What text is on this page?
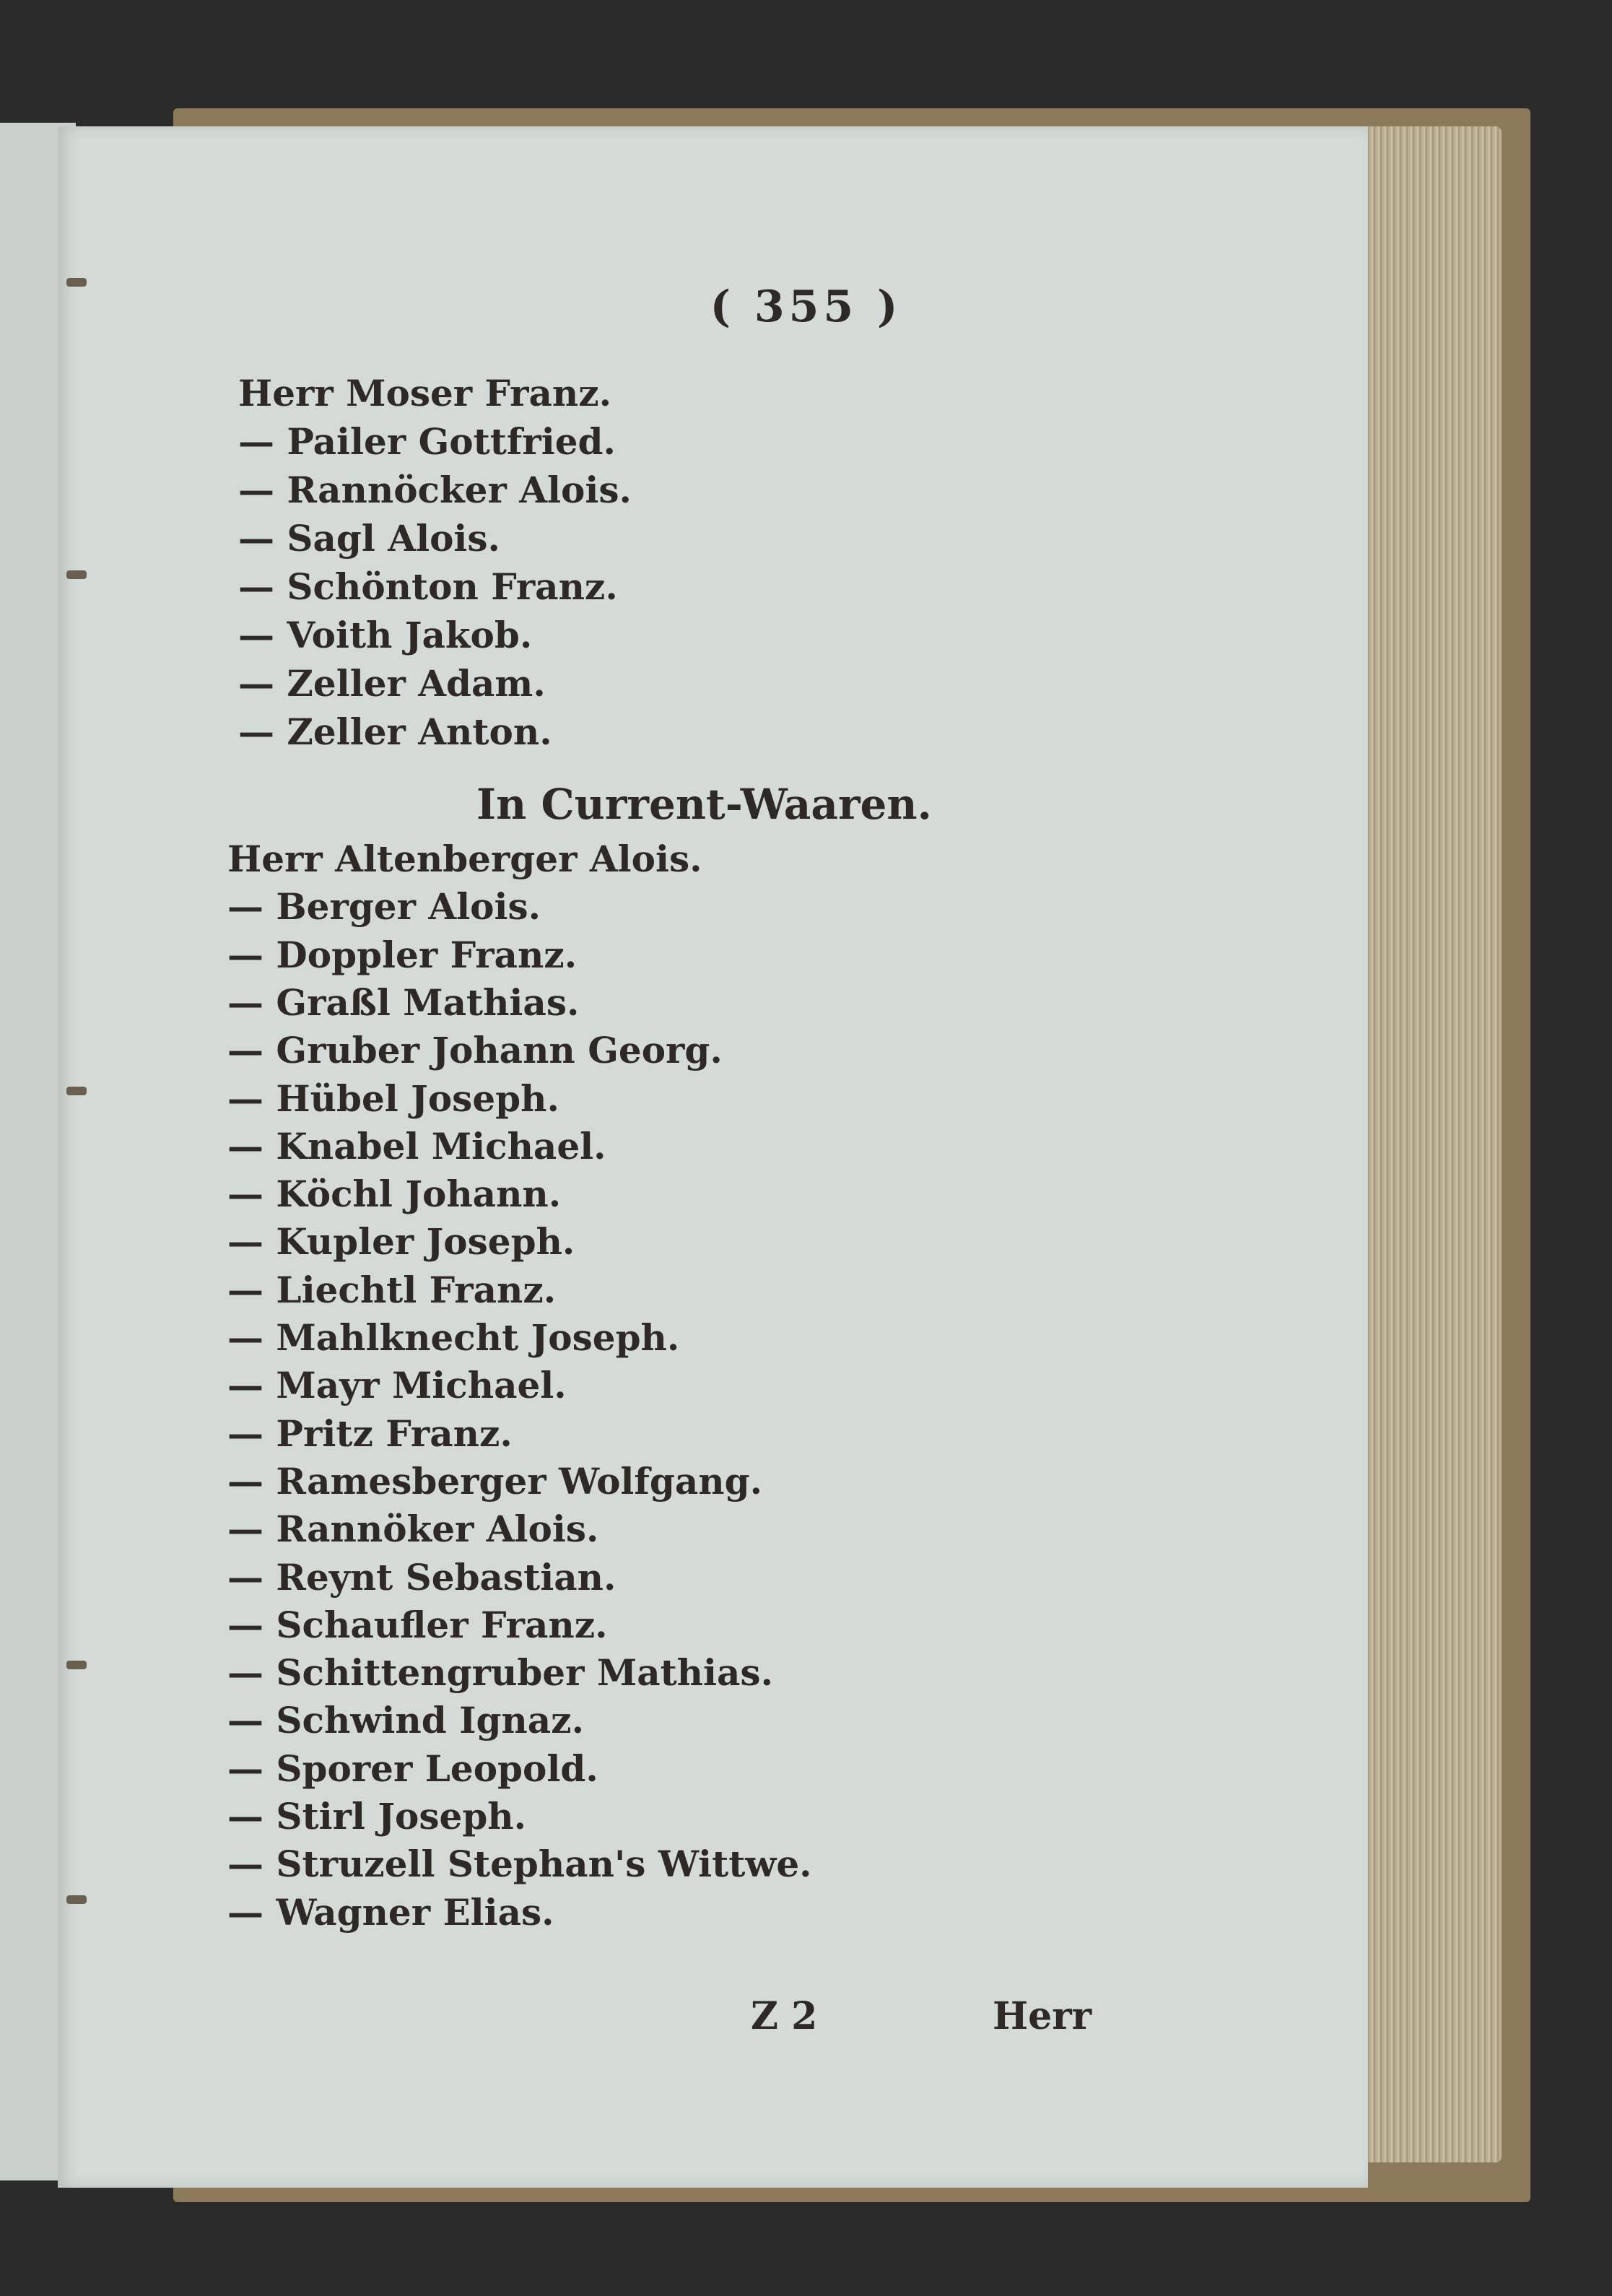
( 355 )
Herr Moser Franz.
— Pailer Gottfried.
— Rannöcker Alois.
— Sagl Alois.
— Schönton Franz.
— Voith Jakob.
— Zeller Adam.
— Zeller Anton.
In Current-Waaren.
Herr Altenberger Alois.
— Berger Alois.
— Doppler Franz.
— Graßl Mathias.
— Gruber Johann Georg.
— Hübel Joseph.
— Knabel Michael.
— Köchl Johann.
— Kupler Joseph.
— Liechtl Franz.
— Mahlknecht Joseph.
— Mayr Michael.
— Pritz Franz.
— Ramesberger Wolfgang.
— Rannöker Alois.
— Reynt Sebastian.
— Schaufler Franz.
— Schittengruber Mathias.
— Schwind Ignaz.
— Sporer Leopold.
— Stirl Joseph.
— Struzell Stephan's Wittwe.
— Wagner Elias.
Z 2	Herr
